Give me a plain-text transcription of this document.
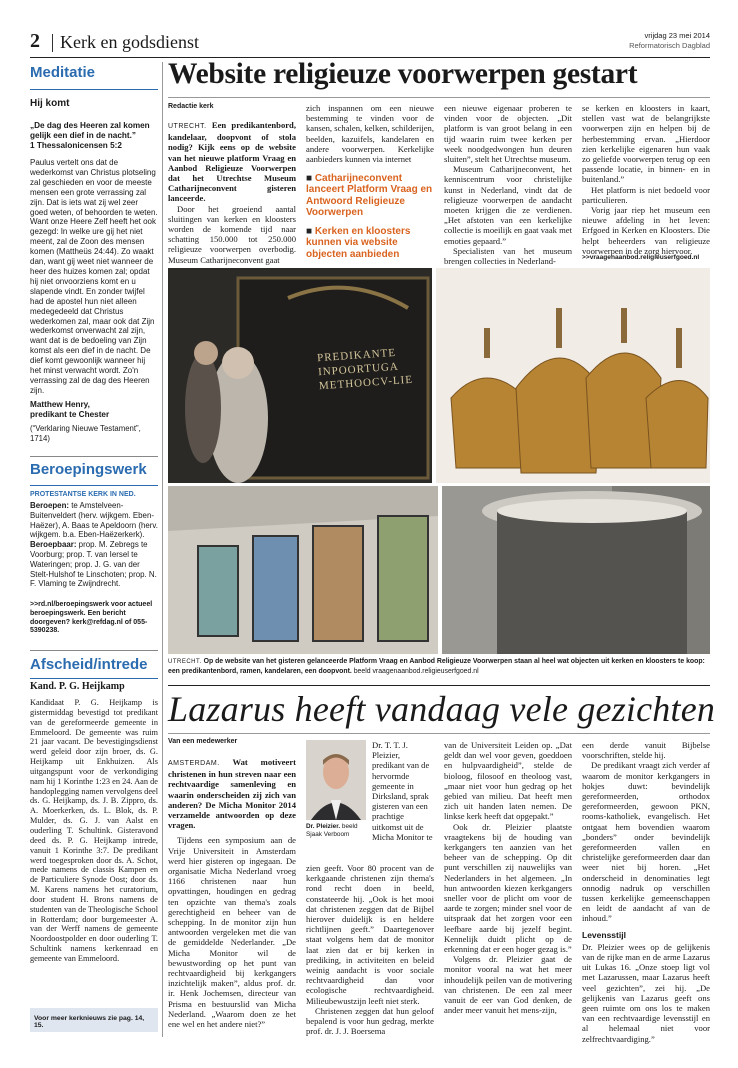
2 Kerk en godsdienst	vrijdag 23 mei 2014
Reformatorisch Dagblad
Meditatie
Hij komt
„De dag des Heeren zal komen gelijk een dief in de nacht.”
1 Thessalonicensen 5:2
Paulus vertelt ons dat de wederkomst van Christus plotseling zal geschieden en voor de meeste mensen een grote verrassing zal zijn. Dat is iets wat zij wel zeer goed weten, of behoorden te weten. Want onze Heere Zelf heeft het ook gezegd: In welke ure gij het niet meent, zal de Zoon des mensen komen (Mattheüs 24:44). Zo waakt dan, want gij weet niet wanneer de heer des huizes komen zal; opdat hij niet onvoorziens komt en u slapende vindt. En zonder twijfel had de apostel hun niet alleen medegedeeld dat Christus wederkomen zal, maar ook dat Zijn wederkomst onverwacht zal zijn, want dat is de bedoeling van Zijn komst als een dief in de nacht. De dief komt gewoonlijk wanneer hij het minst verwacht wordt. Zo'n verrassing zal de dag des Heeren zijn.
Matthew Henry,
predikant te Chester
(“Verklaring Nieuwe Testament”, 1714)
Beroepingswerk
PROTESTANTSE KERK IN NED.
Beroepen: te Amstelveen-Buitenveldert (herv. wijkgem. Eben-Haëzer), A. Baas te Apeldoorn (herv. wijkgem. b.a. Eben-Haëzerkerk). Beroepbaar: prop. M. Zebregs te Voorburg; prop. T. van Iersel te Wateringen; prop. J. G. van der Stelt-Hulshof te Linschoten; prop. N. F. Vlaming te Zwijndrecht.
>>rd.nl/beroepingswerk voor actueel beroepingswerk. Een bericht doorgeven? kerk@refdag.nl of 055-5390238.
Afscheid/intrede
Kand. P. G. Heijkamp
Kandidaat P. G. Heijkamp is gistermiddag bevestigd tot predikant van de gereformeerde gemeente in Emmeloord. De gemeente was ruim 21 jaar vacant. De bevestigingsdienst werd geleid door zijn broer, ds. G. Heijkamp uit Enkhuizen. Als uitgangspunt voor de verkondiging nam hij 1 Korinthe 1:23 en 24. Aan de handoplegging namen vervolgens deel ds. G. Heijkamp, ds. J. B. Zippro, ds. A. Moerkerken, ds. L. Blok, ds. P. Mulder, ds. G. J. van Aalst en ouderling T. Schultink. Gisteravond deed ds. P. G. Heijkamp intrede, vanuit 1 Korinthe 3:7. De predikant werd toegesproken door ds. A. Schot, mede namens de classis Kampen en de Particuliere Synode Oost; door ds. M. Karens namens het curatorium, door student H. Brons namens de studenten van de Theologische School in Rotterdam; door burgemeester A. van der Werff namens de gemeente Noordoostpolder en door ouderling T. Schultink namens kerkenraad en gemeente van Emmeloord.
Voor meer kerknieuws zie pag. 14, 15.
Website religieuze voorwerpen gestart
Redactie kerk

UTRECHT. Een predikantenbord, kandelaar, doopvont of stola nodig? Kijk eens op de website van het nieuwe platform Vraag en Aanbod Religieuze Voorwerpen dat het Utrechtse Museum Catharijneconvent gisteren lanceerde.

Door het groeiend aantal sluitingen van kerken en kloosters worden de komende tijd naar schatting 150.000 tot 250.000 religieuze voorwerpen overbodig. Museum Catharijneconvent gaat

zich inspannen om een nieuwe bestemming te vinden voor de kansen, schalen, kelken, schilderijen, beelden, kazuifels, kandelaren en andere voorwerpen. Kerkelijke aanbieders kunnen via internet
■ Catharijneconvent lanceert Platform Vraag en Antwoord Religieuze Voorwerpen
■ Kerken en kloosters kunnen via website objecten aanbieden

een nieuwe eigenaar proberen te vinden voor de objecten. „Dit platform is van groot belang in een tijd waarin ruim twee kerken per week noodgedwongen hun deuren sluiten”, stelt het Utrechtse museum.

Museum Catharijneconvent, het kenniscentrum voor christelijke kunst in Nederland, vindt dat de religieuze voorwerpen de aandacht moeten krijgen die ze verdienen. „Het afstoten van een kerkelijke collectie is moeilijk en gaat vaak met emoties gepaard.”

Specialisten van het museum brengen collecties in Nederland-

se kerken en kloosters in kaart, stellen vast wat de belangrijkste voorwerpen zijn en helpen bij de herbestemming ervan. „Hierdoor zien kerkelijke eigenaren hun vaak zo geliefde voorwerpen terug op een passende locatie, in binnen- en in buitenland.”

Het platform is niet bedoeld voor particulieren.

Vorig jaar riep het museum een nieuwe afdeling in het leven: Erfgoed in Kerken en Kloosters. Die helpt beheerders van religieuze voorwerpen in de zorg hiervoor.

>>vraagenaanbod.religieuserfgoed.nl
PREDIKANTE
INPOORTUGA
METHOOCV-LIE
UTRECHT. Op de website van het gisteren gelanceerde Platform Vraag en Aanbod Religieuze Voorwerpen staan al heel wat objecten uit kerken en kloosters te koop: een predikantenbord, ramen, kandelaren, een doopvont. beeld vraagenaanbod.religieuserfgoed.nl
Lazarus heeft vandaag vele gezichten
Van een medewerker

AMSTERDAM. Wat motiveert christenen in hun streven naar een rechtvaardige samenleving en waarin onderscheiden zij zich van anderen? De Micha Monitor 2014 verzamelde antwoorden op deze vragen.

Tijdens een symposium aan de Vrije Universiteit in Amsterdam werd hier gisteren op ingegaan. De organisatie Micha Nederland vroeg 1166 christenen naar hun opvattingen, houdingen en gedrag ten opzichte van thema's zoals gerechtigheid en beheer van de schepping. In de monitor zijn hun antwoorden vergeleken met die van de gemiddelde Nederlander. „De Micha Monitor wil de bewustwording op het punt van rechtvaardigheid bij kerkgangers inzichtelijk maken”, aldus prof. dr. ir. Henk Jochemsen, directeur van Prisma en bestuurslid van Micha Nederland. „Waarom doen ze het ene wel en het andere niet?”

Dr. Pleizier. beeld Sjaak Verboom
Dr. T. T. J. Pleizier, predikant van de hervormde gemeente in Dirksland, sprak gisteren van een prachtige uitkomst uit de Micha Monitor te

zien geeft. Voor 80 procent van de kerkgaande christenen zijn thema's rond recht doen in beeld, constateerde hij. „Ook is het mooi dat christenen zeggen dat de Bijbel hierover duidelijk is en heldere richtlijnen geeft.” Daartegenover staat volgens hem dat de monitor laat zien dat er bij kerken in prediking, in activiteiten en beleid weinig aandacht is voor sociale rechtvaardigheid dan voor ecologische rechtvaardigheid. Milieubewustzijn leeft niet sterk.

Christenen zeggen dat hun geloof bepalend is voor hun gedrag, merkte prof. dr. J. J. Boersema

van de Universiteit Leiden op. „Dat geldt dan wel voor geven, goeddoen en hulpvaardigheid”, stelde de bioloog, filosoof en theoloog vast, „maar niet voor hun gedrag op het gebied van milieu. Dat heeft men zich uit handen laten nemen. De linkse kerk heeft dat opgepakt.”

Ook dr. Pleizier plaatste vraagtekens bij de houding van kerkgangers ten aanzien van het beheer van de schepping. Op dit punt verschillen zij nauwelijks van Nederlanders in het algemeen. „In hun antwoorden kiezen kerkgangers sneller voor de plicht om voor de aarde te zorgen; minder snel voor de uitspraak dat het zorgen voor een leefbare aarde bij jezelf begint. Kennelijk duidt plicht op de erkenning dat er een hoger gezag is.”

Volgens dr. Pleizier gaat de monitor vooral na wat het meer inhoudelijk peilen van de motivering van christenen. De een zal meer vanuit de eer van God denken, de ander meer vanuit het mens-zijn,

een derde vanuit Bijbelse voorschriften, stelde hij.

De predikant vraagt zich verder af waarom de monitor kerkgangers in hokjes duwt: bevindelijk gereformeerden, orthodox gereformeerden, gewoon PKN, rooms-katholiek, evangelisch. Het ontgaat hem bovendien waarom „bonders” onder bevindelijk gereformeerden vallen en christelijke gereformeerden daar dan weer niet bij horen. „Het onderscheid in denominaties legt onnodig nadruk op verschillen tussen kerkelijke gemeenschappen en leidt de aandacht af van de inhoud.”

Levensstijl

Dr. Pleizier wees op de gelijkenis van de rijke man en de arme Lazarus uit Lukas 16. „Onze stoep ligt vol met Lazarussen, maar Lazarus heeft veel gezichten”, zei hij. „De gelijkenis van Lazarus geeft ons geen ruimte om ons los te maken van een rechtvaardige levensstijl en al helemaal niet voor zelfrechtvaardiging.”
